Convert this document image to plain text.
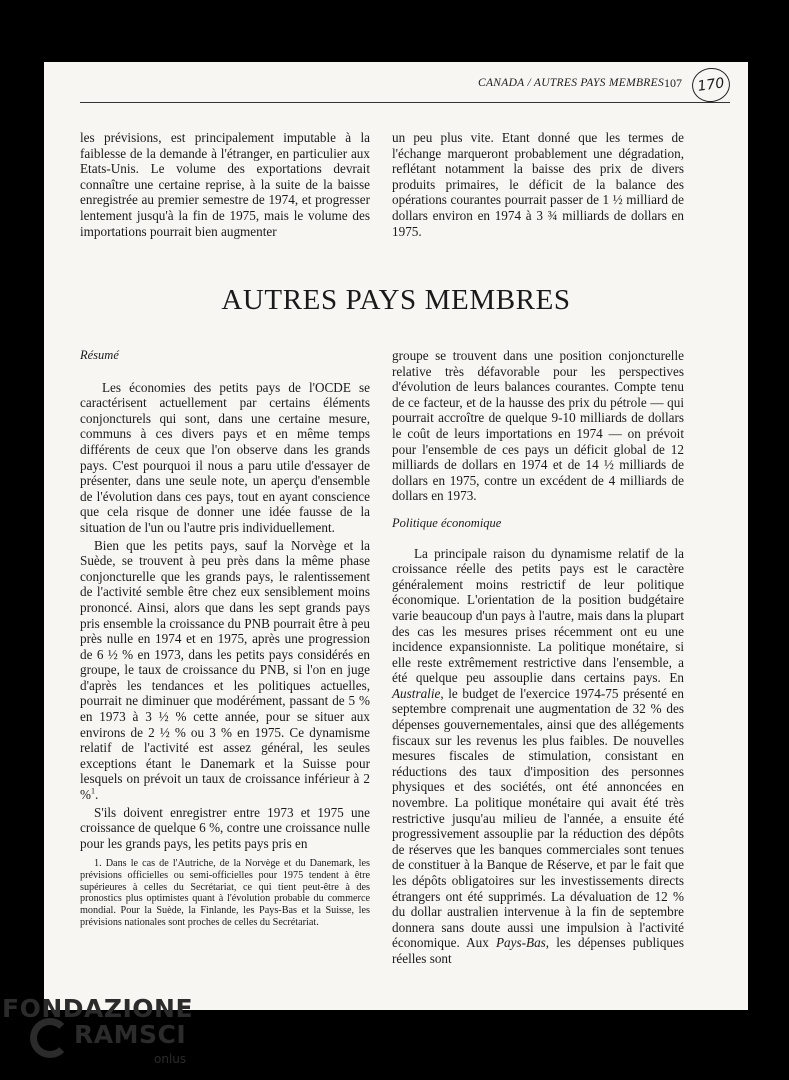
CANADA / AUTRES PAYS MEMBRES 107	170

les prévisions, est principalement imputable à la faiblesse de la demande à l'étranger, en particulier aux Etats-Unis. Le volume des exportations devrait connaître une certaine reprise, à la suite de la baisse enregistrée au premier semestre de 1974, et progresser lentement jusqu'à la fin de 1975, mais le volume des importations pourrait bien augmenter

un peu plus vite. Etant donné que les termes de l'échange marqueront probablement une dégradation, reflétant notamment la baisse des prix de divers produits primaires, le déficit de la balance des opérations courantes pourrait passer de 1 ½ milliard de dollars environ en 1974 à 3 ¾ milliards de dollars en 1975.

AUTRES PAYS MEMBRES

Résumé

Les économies des petits pays de l'OCDE se caractérisent actuellement par certains éléments conjoncturels qui sont, dans une certaine mesure, communs à ces divers pays et en même temps différents de ceux que l'on observe dans les grands pays. C'est pourquoi il nous a paru utile d'essayer de présenter, dans une seule note, un aperçu d'ensemble de l'évolution dans ces pays, tout en ayant conscience que cela risque de donner une idée fausse de la situation de l'un ou l'autre pris individuellement.

Bien que les petits pays, sauf la Norvège et la Suède, se trouvent à peu près dans la même phase conjoncturelle que les grands pays, le ralentissement de l'activité semble être chez eux sensiblement moins prononcé. Ainsi, alors que dans les sept grands pays pris ensemble la croissance du PNB pourrait être à peu près nulle en 1974 et en 1975, après une progression de 6 ½ % en 1973, dans les petits pays considérés en groupe, le taux de croissance du PNB, si l'on en juge d'après les tendances et les politiques actuelles, pourrait ne diminuer que modérément, passant de 5 % en 1973 à 3 ½ % cette année, pour se situer aux environs de 2 ½ % ou 3 % en 1975. Ce dynamisme relatif de l'activité est assez général, les seules exceptions étant le Danemark et la Suisse pour lesquels on prévoit un taux de croissance inférieur à 2 %$^1$.

S'ils doivent enregistrer entre 1973 et 1975 une croissance de quelque 6 %, contre une croissance nulle pour les grands pays, les petits pays pris en

1. Dans le cas de l'Autriche, de la Norvège et du Danemark, les prévisions officielles ou semi-officielles pour 1975 tendent à être supérieures à celles du Secrétariat, ce qui tient peut-être à des pronostics plus optimistes quant à l'évolution probable du commerce mondial. Pour la Suède, la Finlande, les Pays-Bas et la Suisse, les prévisions nationales sont proches de celles du Secrétariat.

groupe se trouvent dans une position conjoncturelle relative très défavorable pour les perspectives d'évolution de leurs balances courantes. Compte tenu de ce facteur, et de la hausse des prix du pétrole — qui pourrait accroître de quelque 9-10 milliards de dollars le coût de leurs importations en 1974 — on prévoit pour l'ensemble de ces pays un déficit global de 12 milliards de dollars en 1974 et de 14 ½ milliards de dollars en 1975, contre un excédent de 4 milliards de dollars en 1973.

Politique économique

La principale raison du dynamisme relatif de la croissance réelle des petits pays est le caractère généralement moins restrictif de leur politique économique. L'orientation de la position budgétaire varie beaucoup d'un pays à l'autre, mais dans la plupart des cas les mesures prises récemment ont eu une incidence expansionniste. La politique monétaire, si elle reste extrêmement restrictive dans l'ensemble, a été quelque peu assouplie dans certains pays. En Australie, le budget de l'exercice 1974-75 présenté en septembre comprenait une augmentation de 32 % des dépenses gouvernementales, ainsi que des allégements fiscaux sur les revenus les plus faibles. De nouvelles mesures fiscales de stimulation, consistant en réductions des taux d'imposition des personnes physiques et des sociétés, ont été annoncées en novembre. La politique monétaire qui avait été très restrictive jusqu'au milieu de l'année, a ensuite été progressivement assouplie par la réduction des dépôts de réserves que les banques commerciales sont tenues de constituer à la Banque de Réserve, et par le fait que les dépôts obligatoires sur les investissements directs étrangers ont été supprimés. La dévaluation de 12 % du dollar australien intervenue à la fin de septembre donnera sans doute aussi une impulsion à l'activité économique. Aux Pays-Bas, les dépenses publiques réelles sont

FONDAZIONE
RAMSCI
onlus
